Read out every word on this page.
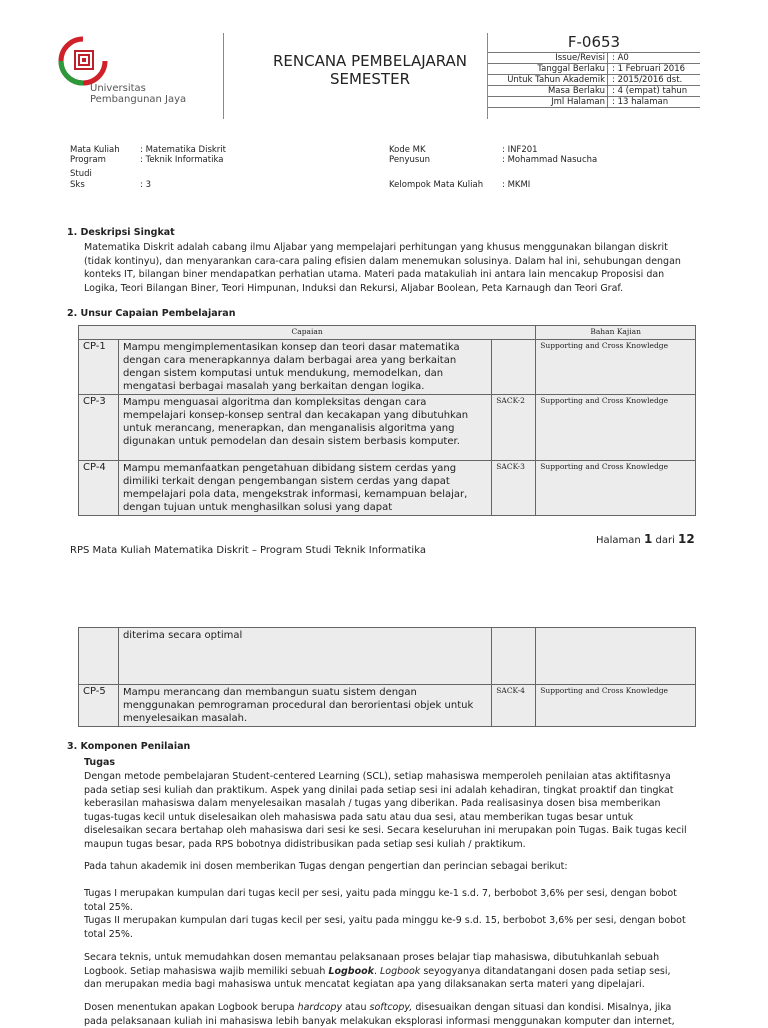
Universitas
Pembangunan Jaya
RENCANA PEMBELAJARAN
SEMESTER
F-0653
Issue/Revisi	: A0
Tanggal Berlaku	: 1 Februari 2016
Untuk Tahun Akademik	: 2015/2016 dst.
Masa Berlaku	: 4 (empat) tahun
Jml Halaman	: 13 halaman
Mata Kuliah : Matematika Diskrit
Program	: Teknik Informatika
Studi
Sks	: 3
Kode MK	: INF201
Penyusun	: Mohammad Nasucha
Kelompok Mata Kuliah : MKMI
1. Deskripsi Singkat
Matematika Diskrit adalah cabang ilmu Aljabar yang mempelajari perhitungan yang khusus menggunakan bilangan diskrit
(tidak kontinyu), dan menyarankan cara-cara paling efisien dalam menemukan solusinya. Dalam hal ini, sehubungan dengan
konteks IT, bilangan biner mendapatkan perhatian utama. Materi pada matakuliah ini antara lain mencakup Proposisi dan
Logika, Teori Bilangan Biner, Teori Himpunan, Induksi dan Rekursi, Aljabar Boolean, Peta Karnaugh dan Teori Graf.
2. Unsur Capaian Pembelajaran
Capaian			Bahan Kajian
CP-1	Mampu mengimplementasikan konsep dan teori dasar matematika dengan cara menerapkannya dalam berbagai area yang berkaitan dengan sistem komputasi untuk mendukung, memodelkan, dan mengatasi berbagai masalah yang berkaitan dengan logika.		Supporting and Cross Knowledge
CP-3	Mampu menguasai algoritma dan kompleksitas dengan cara mempelajari konsep-konsep sentral dan kecakapan yang dibutuhkan untuk merancang, menerapkan, dan menganalisis algoritma yang digunakan untuk pemodelan dan desain sistem berbasis komputer.	SACK-2	Supporting and Cross Knowledge
CP-4	Mampu memanfaatkan pengetahuan dibidang sistem cerdas yang dimiliki terkait dengan pengembangan sistem cerdas yang dapat mempelajari pola data, mengekstrak informasi, kemampuan belajar, dengan tujuan untuk menghasilkan solusi yang dapat	SACK-3	Supporting and Cross Knowledge
Halaman 1 dari 12
RPS Mata Kuliah Matematika Diskrit – Program Studi Teknik Informatika
	diterima secara optimal		
CP-5	Mampu merancang dan membangun suatu sistem dengan menggunakan pemrograman procedural dan berorientasi objek untuk menyelesaikan masalah.	SACK-4	Supporting and Cross Knowledge
3. Komponen Penilaian
Tugas
Dengan metode pembelajaran Student-centered Learning (SCL), setiap mahasiswa memperoleh penilaian atas aktifitasnya
pada setiap sesi kuliah dan praktikum. Aspek yang dinilai pada setiap sesi ini adalah kehadiran, tingkat proaktif dan tingkat
keberasilan mahasiswa dalam menyelesaikan masalah / tugas yang diberikan. Pada realisasinya dosen bisa memberikan
tugas-tugas kecil untuk diselesaikan oleh mahasiswa pada satu atau dua sesi, atau memberikan tugas besar untuk
diselesaikan secara bertahap oleh mahasiswa dari sesi ke sesi. Secara keseluruhan ini merupakan poin Tugas. Baik tugas kecil
maupun tugas besar, pada RPS bobotnya didistribusikan pada setiap sesi kuliah / praktikum.
Pada tahun akademik ini dosen memberikan Tugas dengan pengertian dan perincian sebagai berikut:
Tugas I merupakan kumpulan dari tugas kecil per sesi, yaitu pada minggu ke-1 s.d. 7, berbobot 3,6% per sesi, dengan bobot
total 25%.
Tugas II merupakan kumpulan dari tugas kecil per sesi, yaitu pada minggu ke-9 s.d. 15, berbobot 3,6% per sesi, dengan bobot
total 25%.
Secara teknis, untuk memudahkan dosen memantau pelaksanaan proses belajar tiap mahasiswa, dibutuhkanlah sebuah
Logbook. Setiap mahasiswa wajib memiliki sebuah Logbook. Logbook seyogyanya ditandatangani dosen pada setiap sesi,
dan merupakan media bagi mahasiswa untuk mencatat kegiatan apa yang dilaksanakan serta materi yang dipelajari.
Dosen menentukan apakan Logbook berupa hardcopy atau softcopy, disesuaikan dengan situasi dan kondisi. Misalnya, jika
pada pelaksanaan kuliah ini mahasiswa lebih banyak melakukan eksplorasi informasi menggunakan komputer dan internet,
